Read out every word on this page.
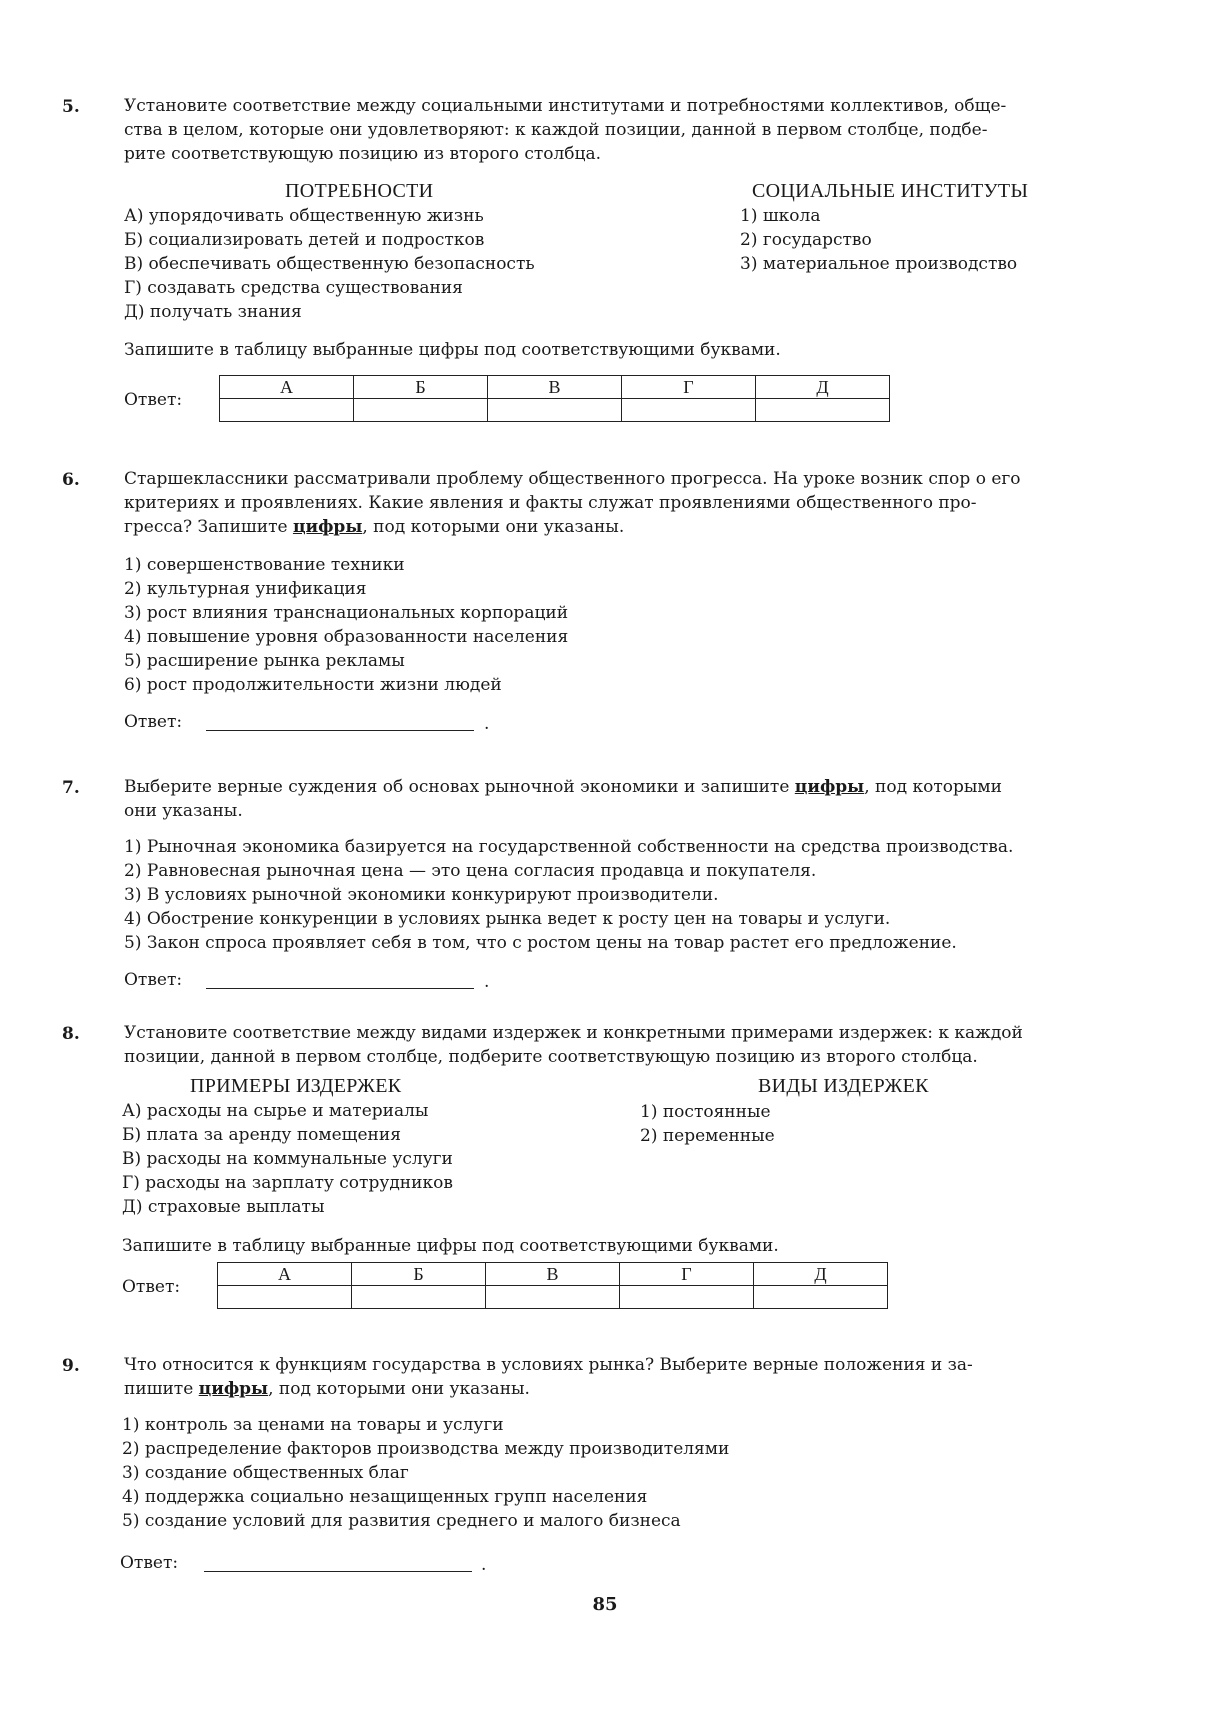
5.	Установите соответствие между социальными институтами и потребностями коллективов, обще-
ства в целом, которые они удовлетворяют: к каждой позиции, данной в первом столбце, подбе-
рите соответствующую позицию из второго столбца.
ПОТРЕБНОСТИ	СОЦИАЛЬНЫЕ ИНСТИТУТЫ
А) упорядочивать общественную жизнь
Б) социализировать детей и подростков
В) обеспечивать общественную безопасность
Г) создавать средства существования
Д) получать знания
1) школа
2) государство
3) материальное производство
Запишите в таблицу выбранные цифры под соответствующими буквами.
Ответ:
А	Б	В	Г	Д

6.	Старшеклассники рассматривали проблему общественного прогресса. На уроке возник спор о его
критериях и проявлениях. Какие явления и факты служат проявлениями общественного про-
гресса? Запишите цифры, под которыми они указаны.
1) совершенствование техники
2) культурная унификация
3) рост влияния транснациональных корпораций
4) повышение уровня образованности населения
5) расширение рынка рекламы
6) рост продолжительности жизни людей
Ответ:	.
7.	Выберите верные суждения об основах рыночной экономики и запишите цифры, под которыми
они указаны.
1) Рыночная экономика базируется на государственной собственности на средства производства.
2) Равновесная рыночная цена — это цена согласия продавца и покупателя.
3) В условиях рыночной экономики конкурируют производители.
4) Обострение конкуренции в условиях рынка ведет к росту цен на товары и услуги.
5) Закон спроса проявляет себя в том, что с ростом цены на товар растет его предложение.
Ответ:	.
8.	Установите соответствие между видами издержек и конкретными примерами издержек: к каждой
позиции, данной в первом столбце, подберите соответствующую позицию из второго столбца.
ПРИМЕРЫ ИЗДЕРЖЕК	ВИДЫ ИЗДЕРЖЕК
А) расходы на сырье и материалы
Б) плата за аренду помещения
В) расходы на коммунальные услуги
Г) расходы на зарплату сотрудников
Д) страховые выплаты
1) постоянные
2) переменные
Запишите в таблицу выбранные цифры под соответствующими буквами.
Ответ:
А	Б	В	Г	Д

9.	Что относится к функциям государства в условиях рынка? Выберите верные положения и за-
пишите цифры, под которыми они указаны.
1) контроль за ценами на товары и услуги
2) распределение факторов производства между производителями
3) создание общественных благ
4) поддержка социально незащищенных групп населения
5) создание условий для развития среднего и малого бизнеса
Ответ:	.
85
